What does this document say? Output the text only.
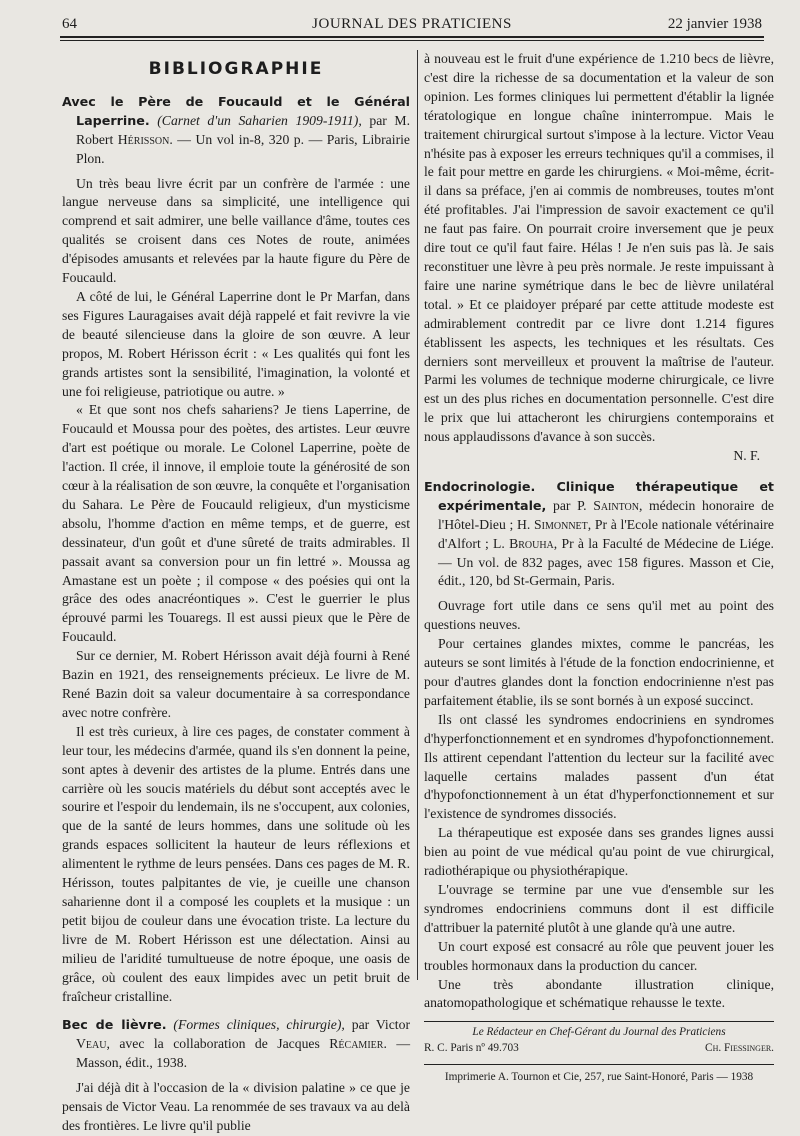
64	JOURNAL DES PRATICIENS	22 janvier 1938
BIBLIOGRAPHIE
Avec le Père de Foucauld et le Général Laperrine. (Carnet d'un Saharien 1909-1911), par M. Robert Hérisson. — Un vol in-8, 320 p. — Paris, Librairie Plon.

Un très beau livre écrit par un confrère de l'armée : une langue nerveuse dans sa simplicité, une intelligence qui comprend et sait admirer, une belle vaillance d'âme, toutes ces qualités se croisent dans ces Notes de route, animées d'épisodes amusants et relevées par la haute figure du Père de Foucauld.

A côté de lui, le Général Laperrine dont le Pr Marfan, dans ses Figures Lauragaises avait déjà rappelé et fait revivre la vie de beauté silencieuse dans la gloire de son œuvre. A leur propos, M. Robert Hérisson écrit : « Les qualités qui font les grands artistes sont la sensibilité, l'imagination, la volonté et une foi religieuse, patriotique ou autre. »

« Et que sont nos chefs sahariens? Je tiens Laperrine, de Foucauld et Moussa pour des poètes, des artistes. Leur œuvre d'art est poétique ou morale. Le Colonel Laperrine, poète de l'action. Il crée, il innove, il emploie toute la générosité de son cœur à la réalisation de son œuvre, la conquête et l'organisation du Sahara. Le Père de Foucauld religieux, d'un mysticisme absolu, l'homme d'action en même temps, et de guerre, est dessinateur, d'un goût et d'une sûreté de traits admirables. Il passait avant sa conversion pour un fin lettré ». Moussa ag Amastane est un poète ; il compose « des poésies qui ont la grâce des odes anacréontiques ». C'est le guerrier le plus éprouvé parmi les Touaregs. Il est aussi pieux que le Père de Foucauld.

Sur ce dernier, M. Robert Hérisson avait déjà fourni à René Bazin en 1921, des renseignements précieux. Le livre de M. René Bazin doit sa valeur documentaire à sa correspondance avec notre confrère.

Il est très curieux, à lire ces pages, de constater comment à leur tour, les médecins d'armée, quand ils s'en donnent la peine, sont aptes à devenir des artistes de la plume. Entrés dans une carrière où les soucis matériels du début sont acceptés avec le sourire et l'espoir du lendemain, ils ne s'occupent, aux colonies, que de la santé de leurs hommes, dans une solitude où les grands espaces sollicitent la hauteur de leurs réflexions et alimentent le rythme de leurs pensées. Dans ces pages de M. R. Hérisson, toutes palpitantes de vie, je cueille une chanson saharienne dont il a composé les couplets et la musique : un petit bijou de couleur dans une évocation triste. La lecture du livre de M. Robert Hérisson est une délectation. Ainsi au milieu de l'aridité tumultueuse de notre époque, une oasis de grâce, où coulent des eaux limpides avec un petit bruit de fraîcheur cristalline.

Bec de lièvre. (Formes cliniques, chirurgie), par Victor Veau, avec la collaboration de Jacques Récamier. — Masson, édit., 1938.

J'ai déjà dit à l'occasion de la « division palatine » ce que je pensais de Victor Veau. La renommée de ses travaux va au delà des frontières. Le livre qu'il publie

à nouveau est le fruit d'une expérience de 1.210 becs de lièvre, c'est dire la richesse de sa documentation et la valeur de son opinion. Les formes cliniques lui permettent d'établir la lignée tératologique en longue chaîne ininterrompue. Mais le traitement chirurgical surtout s'impose à la lecture. Victor Veau n'hésite pas à exposer les erreurs techniques qu'il a commises, il le fait pour mettre en garde les chirurgiens. « Moi-même, écrit-il dans sa préface, j'en ai commis de nombreuses, toutes m'ont été profitables. J'ai l'impression de savoir exactement ce qu'il ne faut pas faire. On pourrait croire inversement que je peux dire tout ce qu'il faut faire. Hélas ! Je n'en suis pas là. Je sais reconstituer une lèvre à peu près normale. Je reste impuissant à faire une narine symétrique dans le bec de lièvre unilatéral total. » Et ce plaidoyer préparé par cette attitude modeste est admirablement contredit par ce livre dont 1.214 figures établissent les aspects, les techniques et les résultats. Ces derniers sont merveilleux et prouvent la maîtrise de l'auteur. Parmi les volumes de technique moderne chirurgicale, ce livre est un des plus riches en documentation personnelle. C'est dire le prix que lui attacheront les chirurgiens contemporains et nous applaudissons d'avance à son succès.

N. F.
Endocrinologie. Clinique thérapeutique et expérimentale, par P. Sainton, médecin honoraire de l'Hôtel-Dieu ; H. Simonnet, Pr à l'Ecole nationale vétérinaire d'Alfort ; L. Brouha, Pr à la Faculté de Médecine de Liége. — Un vol. de 832 pages, avec 158 figures. Masson et Cie, édit., 120, bd St-Germain, Paris.

Ouvrage fort utile dans ce sens qu'il met au point des questions neuves.

Pour certaines glandes mixtes, comme le pancréas, les auteurs se sont limités à l'étude de la fonction endocrinienne, et pour d'autres glandes dont la fonction endocrinienne n'est pas parfaitement établie, ils se sont bornés à un exposé succinct.

Ils ont classé les syndromes endocriniens en syndromes d'hyperfonctionnement et en syndromes d'hypofonctionnement. Ils attirent cependant l'attention du lecteur sur la facilité avec laquelle certains malades passent d'un état d'hypofonctionnement à un état d'hyperfonctionnement et sur l'existence de syndromes dissociés.

La thérapeutique est exposée dans ses grandes lignes aussi bien au point de vue médical qu'au point de vue chirurgical, radiothérapique ou physiothérapique.

L'ouvrage se termine par une vue d'ensemble sur les syndromes endocriniens communs dont il est difficile d'attribuer la paternité plutôt à une glande qu'à une autre.

Un court exposé est consacré au rôle que peuvent jouer les troubles hormonaux dans la production du cancer.

Une très abondante illustration clinique, anatomopathologique et schématique rehausse le texte.

Le Rédacteur en Chef-Gérant du Journal des Praticiens
R. C. Paris nº 49.703	Ch. Fiessinger.
Imprimerie A. Tournon et Cie, 257, rue Saint-Honoré, Paris — 1938
